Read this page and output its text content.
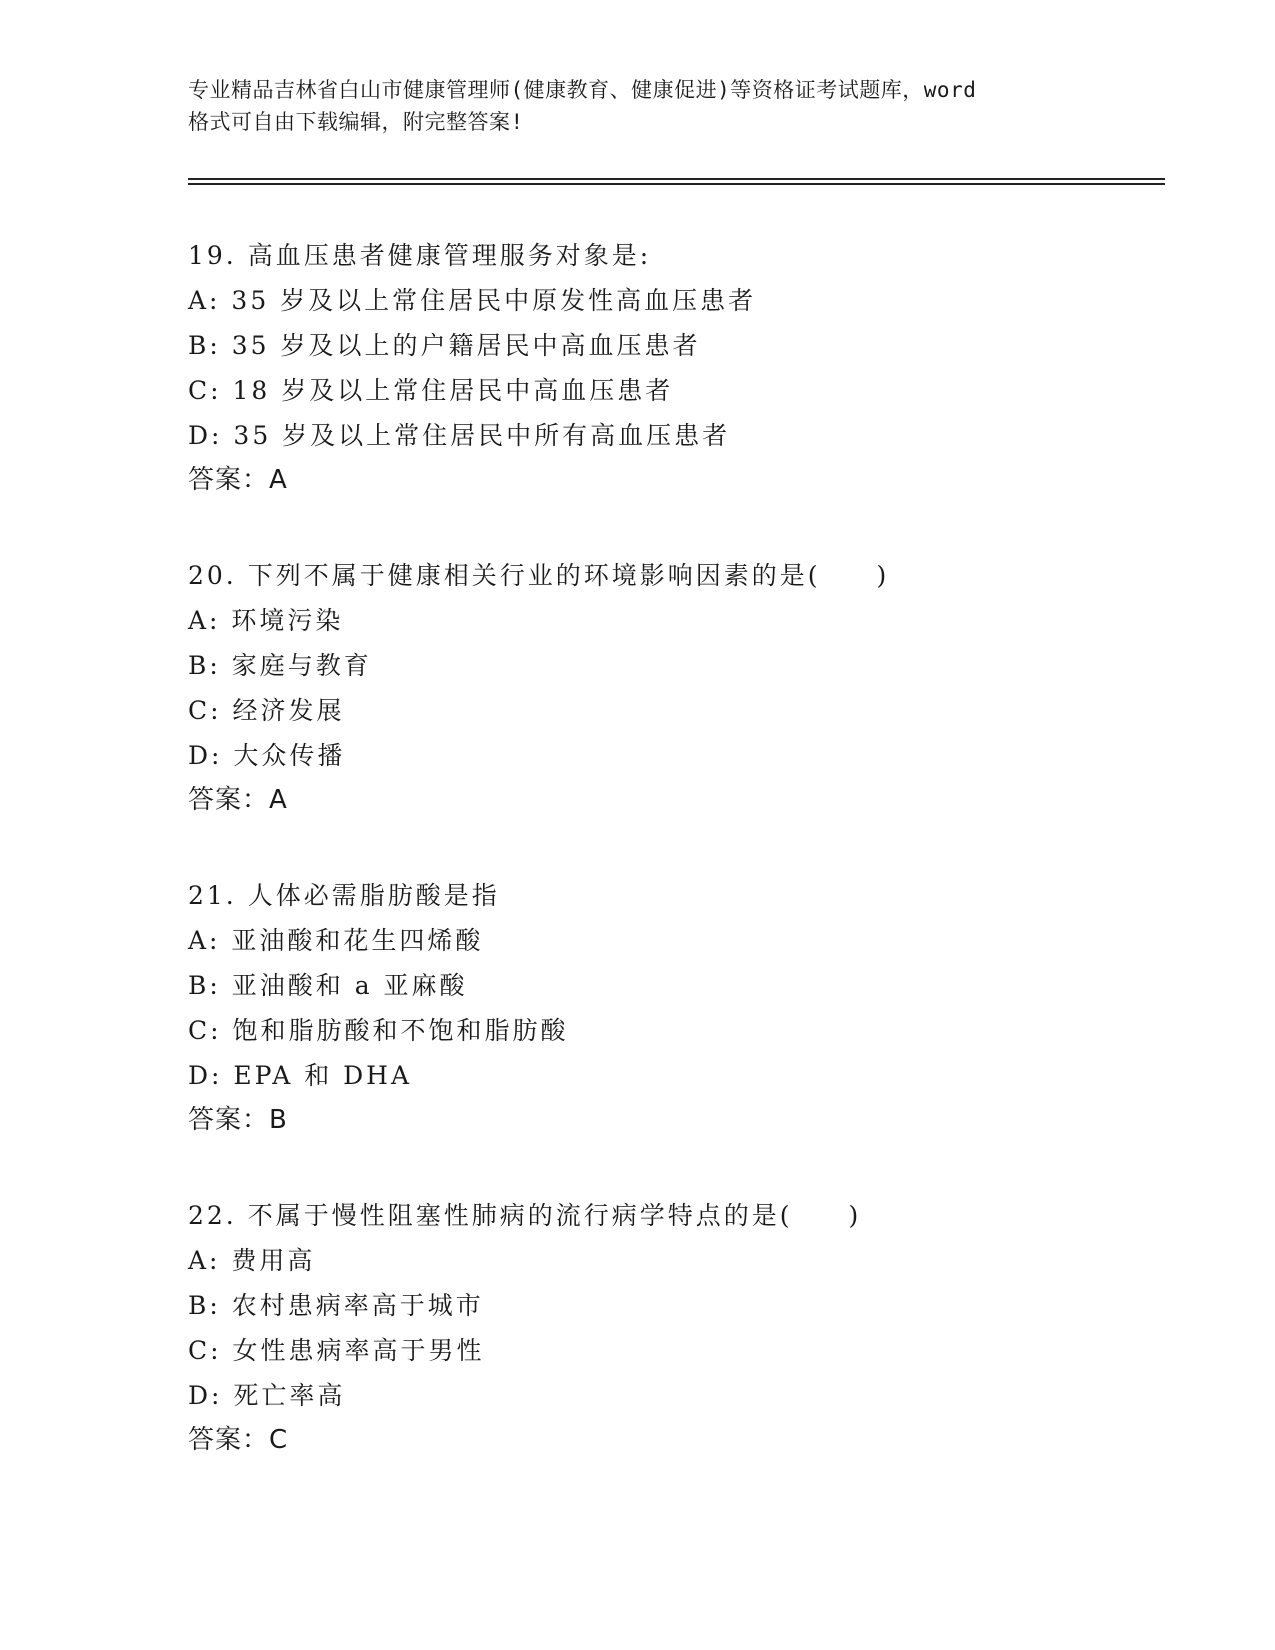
专业精品吉林省白山市健康管理师(健康教育、健康促进)等资格证考试题库，word
格式可自由下载编辑，附完整答案!
19. 高血压患者健康管理服务对象是:
A: 35 岁及以上常住居民中原发性高血压患者
B: 35 岁及以上的户籍居民中高血压患者
C: 18 岁及以上常住居民中高血压患者
D: 35 岁及以上常住居民中所有高血压患者
答案：A
20. 下列不属于健康相关行业的环境影响因素的是(　　)
A: 环境污染
B: 家庭与教育
C: 经济发展
D: 大众传播
答案：A
21. 人体必需脂肪酸是指
A: 亚油酸和花生四烯酸
B: 亚油酸和 a 亚麻酸
C: 饱和脂肪酸和不饱和脂肪酸
D: EPA 和 DHA
答案：B
22. 不属于慢性阻塞性肺病的流行病学特点的是(　　)
A: 费用高
B: 农村患病率高于城市
C: 女性患病率高于男性
D: 死亡率高
答案：C
